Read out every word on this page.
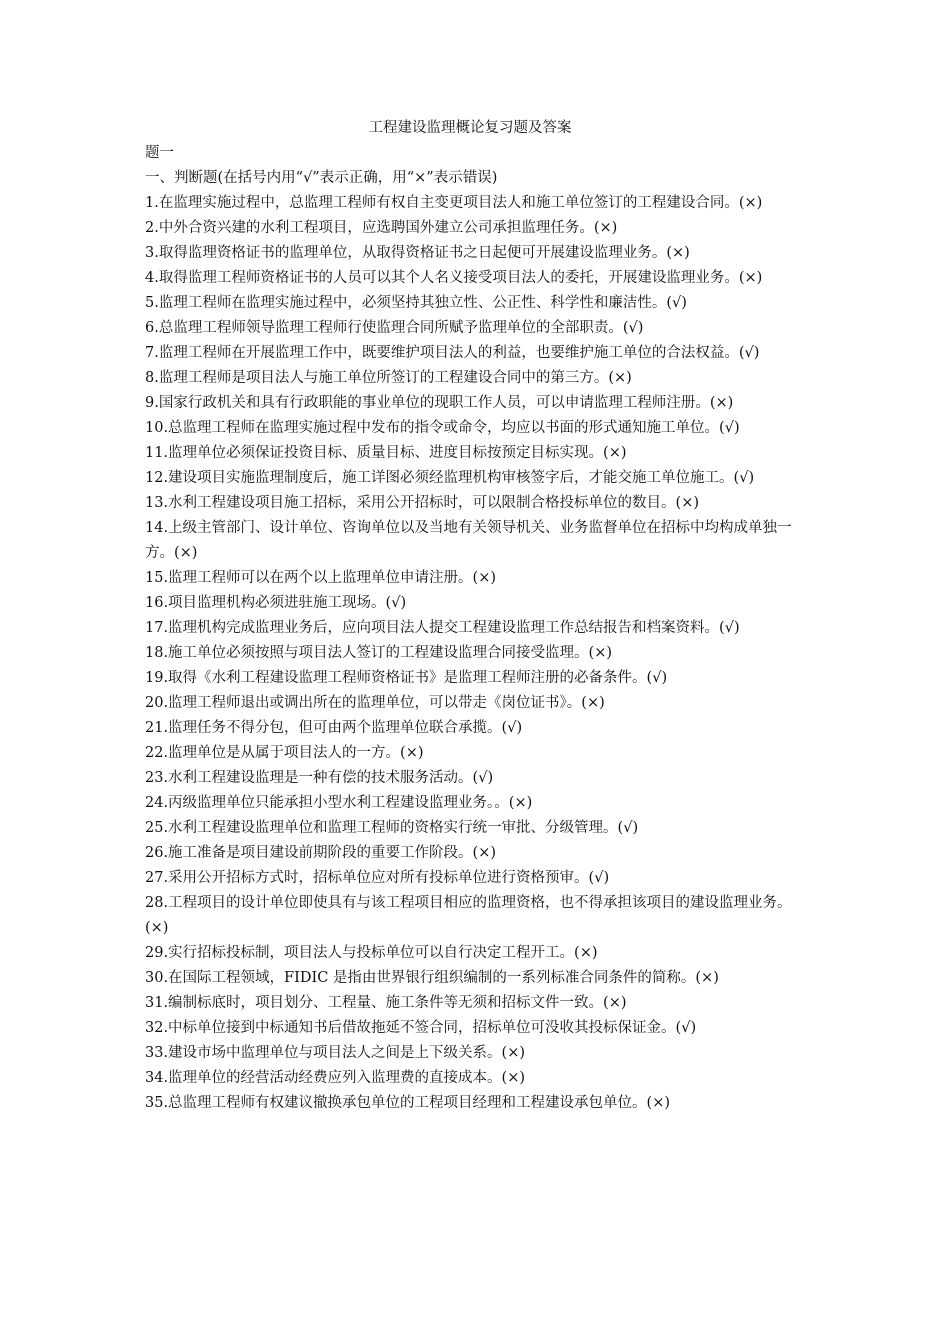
工程建设监理概论复习题及答案

题一

一、判断题(在括号内用“√”表示正确，用“×”表示错误)

1.在监理实施过程中，总监理工程师有权自主变更项目法人和施工单位签订的工程建设合同。(×)

2.中外合资兴建的水利工程项目，应选聘国外建立公司承担监理任务。(×)

3.取得监理资格证书的监理单位，从取得资格证书之日起便可开展建设监理业务。(×)

4.取得监理工程师资格证书的人员可以其个人名义接受项目法人的委托，开展建设监理业务。(×)

5.监理工程师在监理实施过程中，必须坚持其独立性、公正性、科学性和廉洁性。(√)

6.总监理工程师领导监理工程师行使监理合同所赋予监理单位的全部职责。(√)

7.监理工程师在开展监理工作中，既要维护项目法人的利益，也要维护施工单位的合法权益。(√)

8.监理工程师是项目法人与施工单位所签订的工程建设合同中的第三方。(×)

9.国家行政机关和具有行政职能的事业单位的现职工作人员，可以申请监理工程师注册。(×)

10.总监理工程师在监理实施过程中发布的指令或命令，均应以书面的形式通知施工单位。(√)

11.监理单位必须保证投资目标、质量目标、进度目标按预定目标实现。(×)

12.建设项目实施监理制度后，施工详图必须经监理机构审核签字后，才能交施工单位施工。(√)

13.水利工程建设项目施工招标，采用公开招标时，可以限制合格投标单位的数目。(×)

14.上级主管部门、设计单位、咨询单位以及当地有关领导机关、业务监督单位在招标中均构成单独一方。(×)

15.监理工程师可以在两个以上监理单位申请注册。(×)

16.项目监理机构必须进驻施工现场。(√)

17.监理机构完成监理业务后，应向项目法人提交工程建设监理工作总结报告和档案资料。(√)

18.施工单位必须按照与项目法人签订的工程建设监理合同接受监理。(×)

19.取得《水利工程建设监理工程师资格证书》是监理工程师注册的必备条件。(√)

20.监理工程师退出或调出所在的监理单位，可以带走《岗位证书》。(×)

21.监理任务不得分包，但可由两个监理单位联合承揽。(√)

22.监理单位是从属于项目法人的一方。(×)

23.水利工程建设监理是一种有偿的技术服务活动。(√)

24.丙级监理单位只能承担小型水利工程建设监理业务。。(×)

25.水利工程建设监理单位和监理工程师的资格实行统一审批、分级管理。(√)

26.施工准备是项目建设前期阶段的重要工作阶段。(×)

27.采用公开招标方式时，招标单位应对所有投标单位进行资格预审。(√)

28.工程项目的设计单位即使具有与该工程项目相应的监理资格，也不得承担该项目的建设监理业务。(×)

29.实行招标投标制，项目法人与投标单位可以自行决定工程开工。(×)

30.在国际工程领域，FIDIC 是指由世界银行组织编制的一系列标准合同条件的简称。(×)

31.编制标底时，项目划分、工程量、施工条件等无须和招标文件一致。(×)

32.中标单位接到中标通知书后借故拖延不签合同，招标单位可没收其投标保证金。(√)

33.建设市场中监理单位与项目法人之间是上下级关系。(×)

34.监理单位的经营活动经费应列入监理费的直接成本。(×)

35.总监理工程师有权建议撤换承包单位的工程项目经理和工程建设承包单位。(×)
